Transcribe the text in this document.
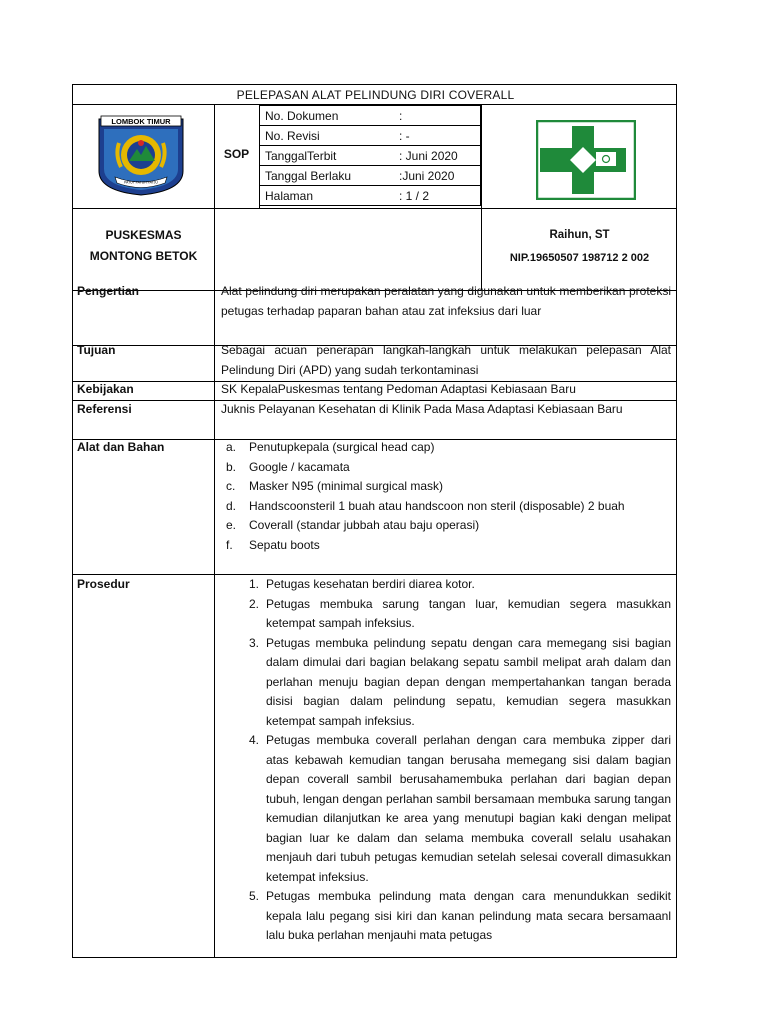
PELEPASAN ALAT PELINDUNG DIRI COVERALL
LOMBOK TIMUR
PATUT PATUH PATJU
SOP
No. Dokumen	:
No. Revisi	: -
TanggalTerbit	: Juni 2020
Tanggal Berlaku	:Juni 2020
Halaman	: 1 / 2
PUSKESMAS
MONTONG BETOK
Raihun, ST
NIP.19650507 198712 2 002
Pengertian	Alat pelindung diri merupakan peralatan yang digunakan untuk memberikan proteksi petugas terhadap paparan bahan atau zat infeksius dari luar
Tujuan	Sebagai acuan penerapan langkah-langkah untuk melakukan pelepasan Alat Pelindung Diri (APD) yang sudah terkontaminasi
Kebijakan	SK KepalaPuskesmas tentang Pedoman Adaptasi Kebiasaan Baru
Referensi	Juknis Pelayanan Kesehatan di Klinik Pada Masa Adaptasi Kebiasaan Baru
Alat dan Bahan	a. Penutupkepala (surgical head cap)
b. Google / kacamata
c. Masker N95 (minimal surgical mask)
d. Handscoonsteril 1 buah atau handscoon non steril (disposable) 2 buah
e. Coverall (standar jubbah atau baju operasi)
f. Sepatu boots
Prosedur	1. Petugas kesehatan berdiri diarea kotor.
2. Petugas membuka sarung tangan luar, kemudian segera masukkan ketempat sampah infeksius.
3. Petugas membuka pelindung sepatu dengan cara memegang sisi bagian dalam dimulai dari bagian belakang sepatu sambil melipat arah dalam dan perlahan menuju bagian depan dengan mempertahankan tangan berada disisi bagian dalam pelindung sepatu, kemudian segera masukkan ketempat sampah infeksius.
4. Petugas membuka coverall perlahan dengan cara membuka zipper dari atas kebawah kemudian tangan berusaha memegang sisi dalam bagian depan coverall sambil berusahamembuka perlahan dari bagian depan tubuh, lengan dengan perlahan sambil bersamaan membuka sarung tangan kemudian dilanjutkan ke area yang menutupi bagian kaki dengan melipat bagian luar ke dalam dan selama membuka coverall selalu usahakan menjauh dari tubuh petugas kemudian setelah selesai coverall dimasukkan ketempat infeksius.
5. Petugas membuka pelindung mata dengan cara menundukkan sedikit kepala lalu pegang sisi kiri dan kanan pelindung mata secara bersamaanl lalu buka perlahan menjauhi mata petugas
